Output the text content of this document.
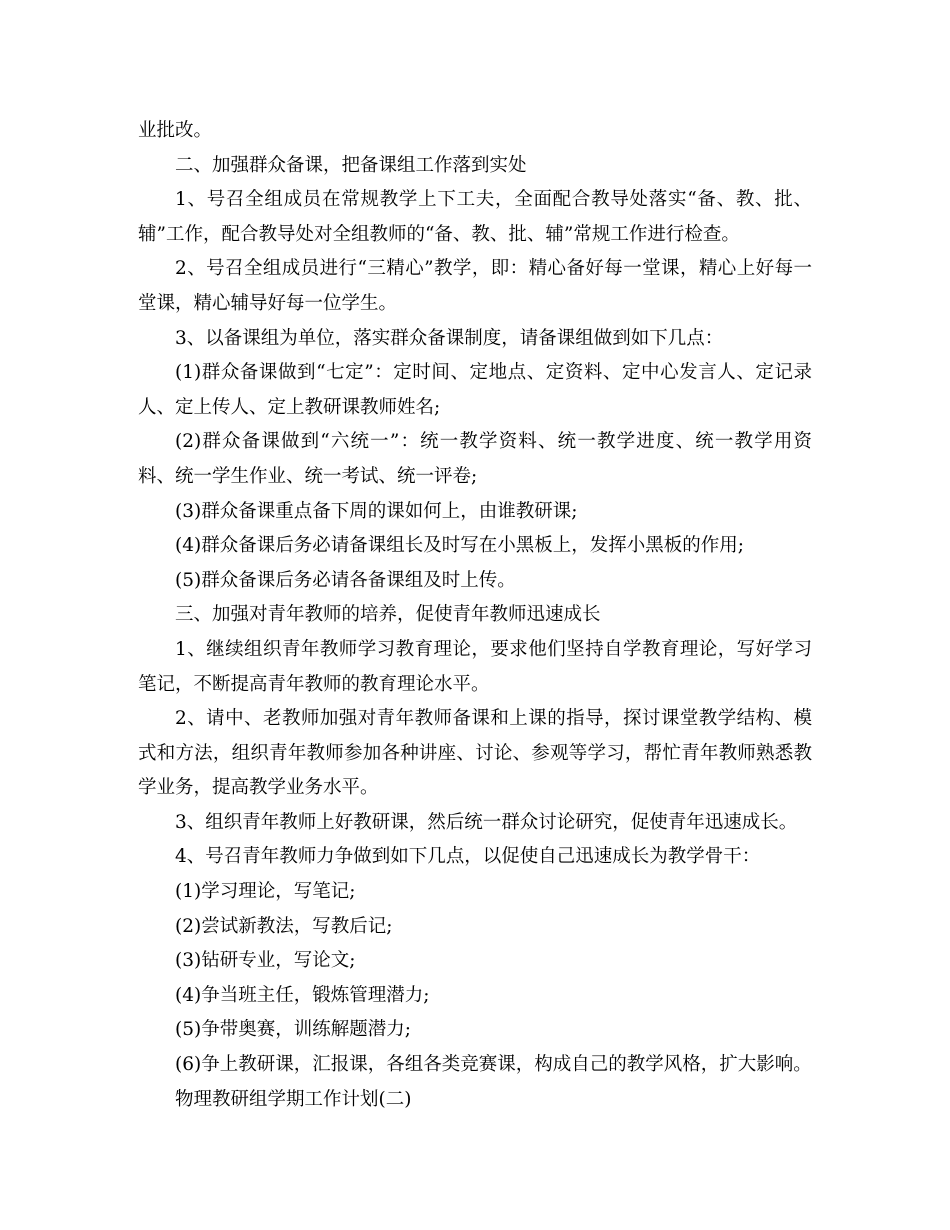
业批改。

二、加强群众备课，把备课组工作落到实处

1、号召全组成员在常规教学上下工夫，全面配合教导处落实“备、教、批、辅”工作，配合教导处对全组教师的“备、教、批、辅”常规工作进行检查。

2、号召全组成员进行“三精心”教学，即：精心备好每一堂课，精心上好每一堂课，精心辅导好每一位学生。

3、以备课组为单位，落实群众备课制度，请备课组做到如下几点：

(1)群众备课做到“七定”：定时间、定地点、定资料、定中心发言人、定记录人、定上传人、定上教研课教师姓名;

(2)群众备课做到“六统一”：统一教学资料、统一教学进度、统一教学用资料、统一学生作业、统一考试、统一评卷;

(3)群众备课重点备下周的课如何上，由谁教研课;

(4)群众备课后务必请备课组长及时写在小黑板上，发挥小黑板的作用;

(5)群众备课后务必请各备课组及时上传。

三、加强对青年教师的培养，促使青年教师迅速成长

1、继续组织青年教师学习教育理论，要求他们坚持自学教育理论，写好学习笔记，不断提高青年教师的教育理论水平。

2、请中、老教师加强对青年教师备课和上课的指导，探讨课堂教学结构、模式和方法，组织青年教师参加各种讲座、讨论、参观等学习，帮忙青年教师熟悉教学业务，提高教学业务水平。

3、组织青年教师上好教研课，然后统一群众讨论研究，促使青年迅速成长。

4、号召青年教师力争做到如下几点，以促使自己迅速成长为教学骨干：

(1)学习理论，写笔记;

(2)尝试新教法，写教后记;

(3)钻研专业，写论文;

(4)争当班主任，锻炼管理潜力;

(5)争带奥赛，训练解题潜力;

(6)争上教研课，汇报课，各组各类竞赛课，构成自己的教学风格，扩大影响。

物理教研组学期工作计划(二)
